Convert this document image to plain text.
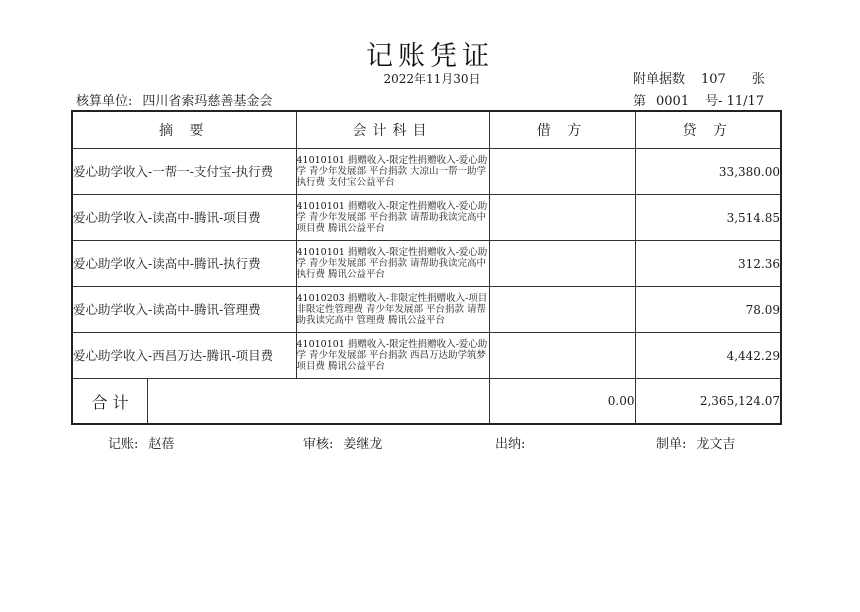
记账凭证
2022年11月30日	附单据数 107 张
核算单位: 四川省索玛慈善基金会	第 0001 号- 11/17
摘 要	会计科目	借 方	贷 方
爱心助学收入-一帮一-支付宝-执行费	41010101 捐赠收入-限定性捐赠收入-爱心助学 青少年发展部 平台捐款 大凉山一帮一助学 执行费 支付宝公益平台		33,380.00
爱心助学收入-读高中-腾讯-项目费	41010101 捐赠收入-限定性捐赠收入-爱心助学 青少年发展部 平台捐款 请帮助我读完高中 项目费 腾讯公益平台		3,514.85
爱心助学收入-读高中-腾讯-执行费	41010101 捐赠收入-限定性捐赠收入-爱心助学 青少年发展部 平台捐款 请帮助我读完高中 执行费 腾讯公益平台		312.36
爱心助学收入-读高中-腾讯-管理费	41010203 捐赠收入-非限定性捐赠收入-项目非限定性管理费 青少年发展部 平台捐款 请帮助我读完高中 管理费 腾讯公益平台		78.09
爱心助学收入-西昌万达-腾讯-项目费	41010101 捐赠收入-限定性捐赠收入-爱心助学 青少年发展部 平台捐款 西昌万达助学筑梦 项目费 腾讯公益平台		4,442.29

合 计		0.00	2,365,124.07
记账: 赵蓓	审核: 姜继龙	出纳:	制单: 龙文吉
